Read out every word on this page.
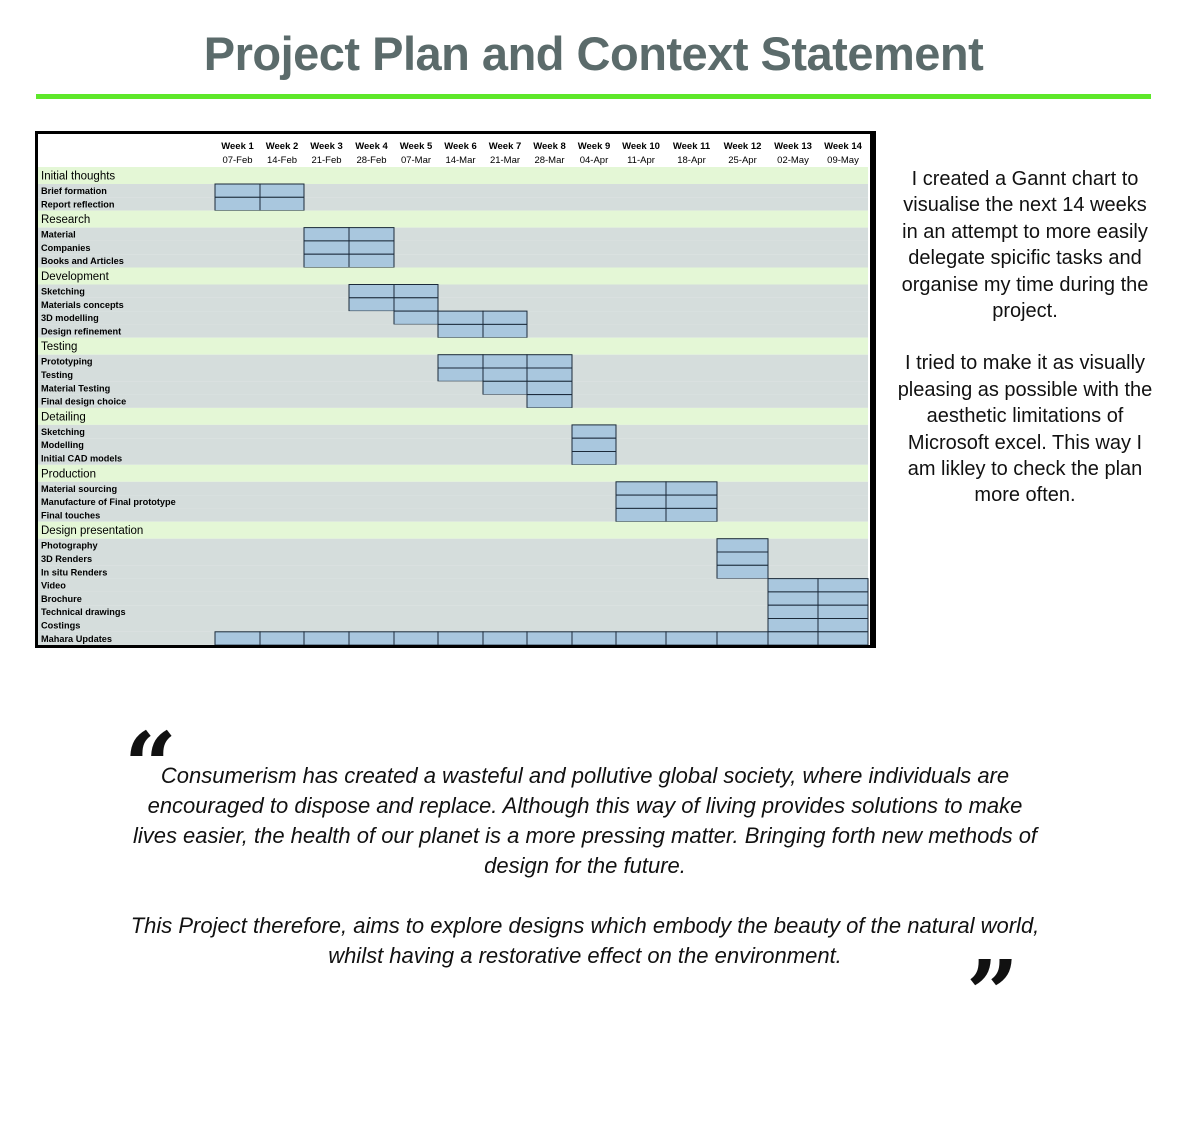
Project Plan and Context Statement
Week 1
07-Feb
Week 2
14-Feb
Week 3
21-Feb
Week 4
28-Feb
Week 5
07-Mar
Week 6
14-Mar
Week 7
21-Mar
Week 8
28-Mar
Week 9
04-Apr
Week 10
11-Apr
Week 11
18-Apr
Week 12
25-Apr
Week 13
02-May
Week 14
09-May
Initial thoughts
Brief formation
Report reflection
Research
Material
Companies
Books and Articles
Development
Sketching
Materials concepts
3D modelling
Design refinement
Testing
Prototyping
Testing
Material Testing
Final design choice
Detailing
Sketching
Modelling
Initial CAD models
Production
Material sourcing
Manufacture of Final prototype
Final touches
Design presentation
Photography
3D Renders
In situ Renders
Video
Brochure
Technical drawings
Costings
Mahara Updates

I created a Gannt chart to visualise the next 14 weeks in an attempt to more easily delegate spicific tasks and organise my time during the project.

I tried to make it as visually pleasing as possible with the aesthetic limitations of Microsoft excel. This way I am likley to check the plan more often.

“

Consumerism has created a wasteful and pollutive global society, where individuals are encouraged to dispose and replace. Although this way of living provides solutions to make lives easier, the health of our planet is a more pressing matter. Bringing forth new methods of design for the future.

This Project therefore, aims to explore designs which embody the beauty of the natural world, whilst having a restorative effect on the environment.	”
